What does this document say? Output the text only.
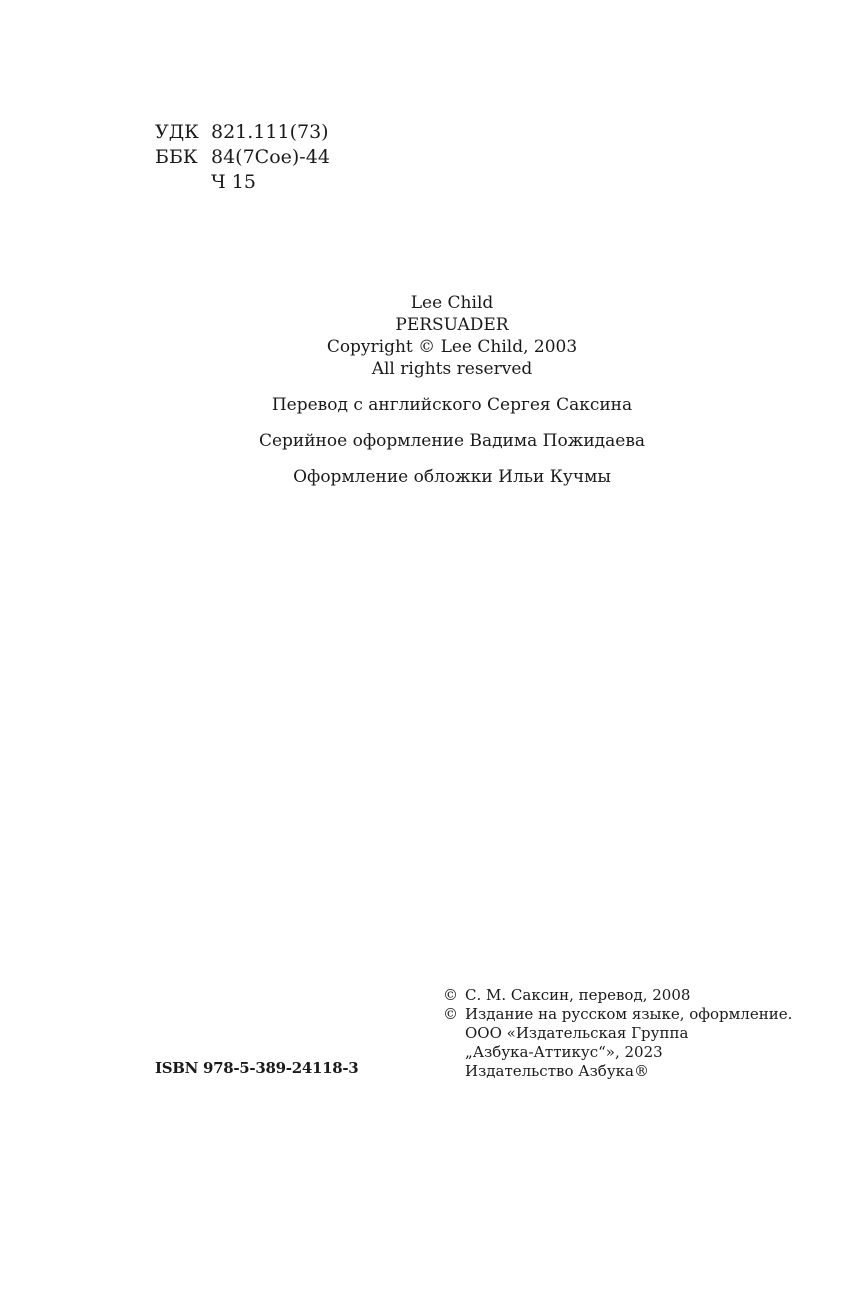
УДК 821.111(73)
ББК 84(7Сое)-44
Ч 15
Lee Child
PERSUADER
Copyright © Lee Child, 2003
All rights reserved
Перевод с английского Сергея Саксина
Серийное оформление Вадима Пожидаева
Оформление обложки Ильи Кучмы
© С. М. Саксин, перевод, 2008
© Издание на русском языке, оформление.
ООО «Издательская Группа
„Азбука-Аттикус“», 2023
Издательство Азбука®
ISBN 978-5-389-24118-3
